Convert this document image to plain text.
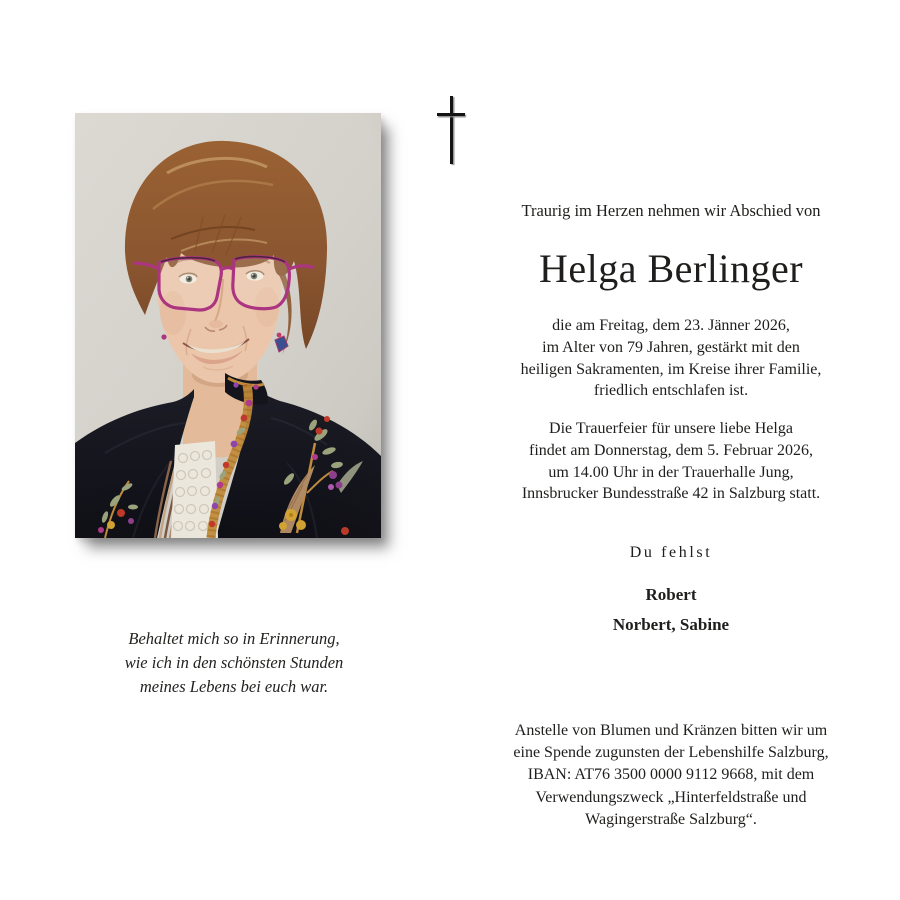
Behaltet mich so in Erinnerung,
wie ich in den schönsten Stunden
meines Lebens bei euch war.
Traurig im Herzen nehmen wir Abschied von
Helga Berlinger

die am Freitag, dem 23. Jänner 2026,
im Alter von 79 Jahren, gestärkt mit den
heiligen Sakramenten, im Kreise ihrer Familie,
friedlich entschlafen ist.

Die Trauerfeier für unsere liebe Helga
findet am Donnerstag, dem 5. Februar 2026,
um 14.00 Uhr in der Trauerhalle Jung,
Innsbrucker Bundesstraße 42 in Salzburg statt.

Du fehlst
Robert
Norbert, Sabine

Anstelle von Blumen und Kränzen bitten wir um
eine Spende zugunsten der Lebenshilfe Salzburg,
IBAN: AT76 3500 0000 9112 9668, mit dem
Verwendungszweck „Hinterfeldstraße und
Wagingerstraße Salzburg“.
